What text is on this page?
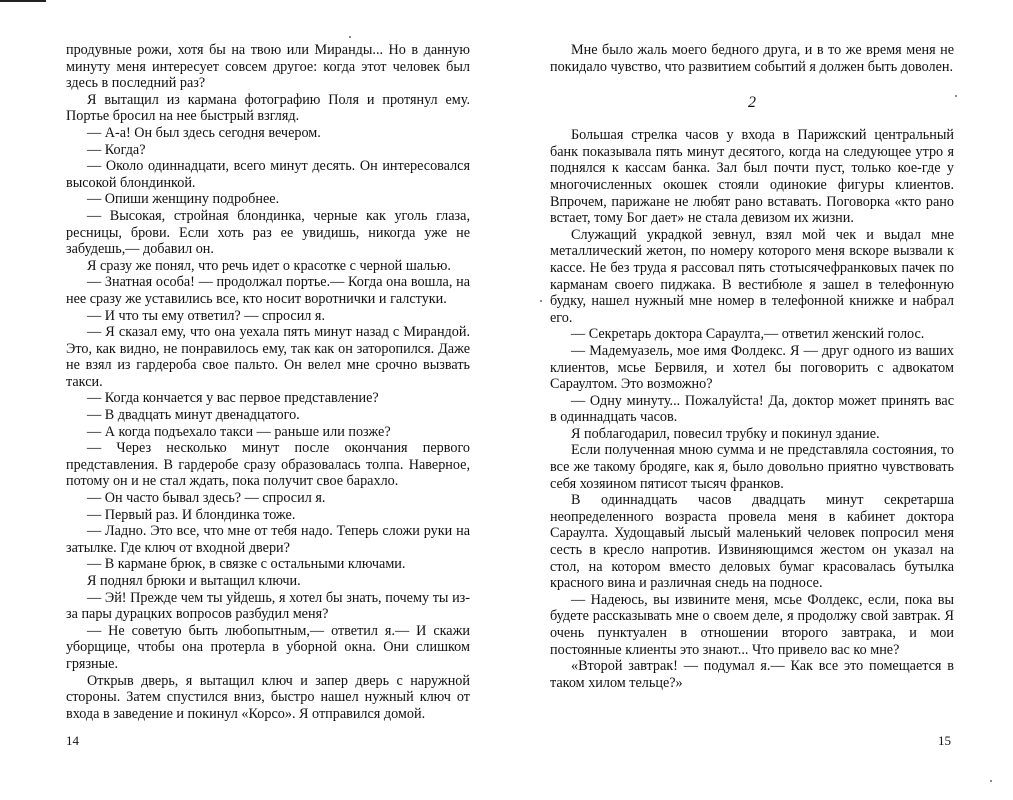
продувные рожи, хотя бы на твою или Миранды... Но в данную минуту меня интересует совсем другое: когда этот человек был здесь в последний раз?

Я вытащил из кармана фотографию Поля и протянул ему. Портье бросил на нее быстрый взгляд.

— А-а! Он был здесь сегодня вечером.

— Когда?

— Около одиннадцати, всего минут десять. Он интересовался высокой блондинкой.

— Опиши женщину подробнее.

— Высокая, стройная блондинка, черные как уголь глаза, ресницы, брови. Если хоть раз ее увидишь, никогда уже не забудешь,— добавил он.

Я сразу же понял, что речь идет о красотке с черной шалью.

— Знатная особа! — продолжал портье.— Когда она вошла, на нее сразу же уставились все, кто носит воротнички и галстуки.

— И что ты ему ответил? — спросил я.

— Я сказал ему, что она уехала пять минут назад с Мирандой. Это, как видно, не понравилось ему, так как он заторопился. Даже не взял из гардероба свое пальто. Он велел мне срочно вызвать такси.

— Когда кончается у вас первое представление?

— В двадцать минут двенадцатого.

— А когда подъехало такси — раньше или позже?

— Через несколько минут после окончания первого представления. В гардеробе сразу образовалась толпа. Наверное, потому он и не стал ждать, пока получит свое барахло.

— Он часто бывал здесь? — спросил я.

— Первый раз. И блондинка тоже.

— Ладно. Это все, что мне от тебя надо. Теперь сложи руки на затылке. Где ключ от входной двери?

— В кармане брюк, в связке с остальными ключами.

Я поднял брюки и вытащил ключи.

— Эй! Прежде чем ты уйдешь, я хотел бы знать, почему ты из-за пары дурацких вопросов разбудил меня?

— Не советую быть любопытным,— ответил я.— И скажи уборщице, чтобы она протерла в уборной окна. Они слишком грязные.

Открыв дверь, я вытащил ключ и запер дверь с наружной стороны. Затем спустился вниз, быстро нашел нужный ключ от входа в заведение и покинул «Корсо». Я отправился домой.

Мне было жаль моего бедного друга, и в то же время меня не покидало чувство, что развитием событий я должен быть доволен.

2

Большая стрелка часов у входа в Парижский центральный банк показывала пять минут десятого, когда на следующее утро я поднялся к кассам банка. Зал был почти пуст, только кое-где у многочисленных окошек стояли одинокие фигуры клиентов. Впрочем, парижане не любят рано вставать. Поговорка «кто рано встает, тому Бог дает» не стала девизом их жизни.

Служащий украдкой зевнул, взял мой чек и выдал мне металлический жетон, по номеру которого меня вскоре вызвали к кассе. Не без труда я рассовал пять стотысячефранковых пачек по карманам своего пиджака. В вестибюле я зашел в телефонную будку, нашел нужный мне номер в телефонной книжке и набрал его.

— Секретарь доктора Сараулта,— ответил женский голос.

— Мадемуазель, мое имя Фолдекс. Я — друг одного из ваших клиентов, мсье Бервиля, и хотел бы поговорить с адвокатом Сараултом. Это возможно?

— Одну минуту... Пожалуйста! Да, доктор может принять вас в одиннадцать часов.

Я поблагодарил, повесил трубку и покинул здание.

Если полученная мною сумма и не представляла состояния, то все же такому бродяге, как я, было довольно приятно чувствовать себя хозяином пятисот тысяч франков.

В одиннадцать часов двадцать минут секретарша неопределенного возраста провела меня в кабинет доктора Сараулта. Худощавый лысый маленький человек попросил меня сесть в кресло напротив. Извиняющимся жестом он указал на стол, на котором вместо деловых бумаг красовалась бутылка красного вина и различная снедь на подносе.

— Надеюсь, вы извините меня, мсье Фолдекс, если, пока вы будете рассказывать мне о своем деле, я продолжу свой завтрак. Я очень пунктуален в отношении второго завтрака, и мои постоянные клиенты это знают... Что привело вас ко мне?

«Второй завтрак! — подумал я.— Как все это помещается в таком хилом тельце?»

14	15
